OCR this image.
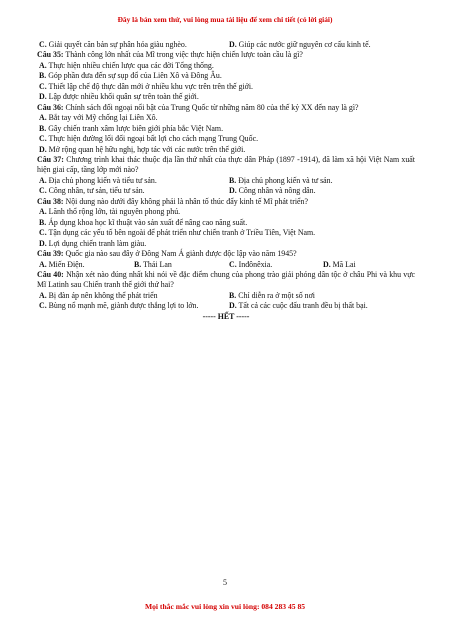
Đây là bản xem thử, vui lòng mua tài liệu để xem chi tiết (có lời giải)
C. Giải quyết căn bản sự phân hóa giàu nghèo.	D. Giúp các nước giữ nguyên cơ cấu kinh tế.
Câu 35: Thành công lớn nhất của Mĩ trong việc thực hiện chiến lược toàn cầu là gì?
A. Thực hiện nhiều chiến lược qua các đời Tổng thống.
B. Góp phần đưa đến sự sụp đổ của Liên Xô và Đông Âu.
C. Thiết lập chế độ thực dân mới ở nhiều khu vực trên trên thế giới.
D. Lập được nhiều khối quân sự trên toàn thế giới.
Câu 36: Chính sách đối ngoại nổi bật của Trung Quốc từ những năm 80 của thế kỷ XX đến nay là gì?
A. Bắt tay với Mỹ chống lại Liên Xô.
B. Gây chiến tranh xâm lược biên giới phía bắc Việt Nam.
C. Thực hiện đường lối đối ngoại bất lợi cho cách mạng Trung Quốc.
D. Mở rộng quan hệ hữu nghị, hợp tác với các nước trên thế giới.
Câu 37: Chương trình khai thác thuộc địa lần thứ nhất của thực dân Pháp (1897 -1914), đã làm xã hội Việt Nam xuất hiện giai cấp, tầng lớp mới nào?
A. Địa chủ phong kiến và tiểu tư sản.	B. Địa chủ phong kiến và tư sản.
C. Công nhân, tư sản, tiểu tư sản.	D. Công nhân và nông dân.
Câu 38: Nội dung nào dưới đây không phải là nhân tố thúc đẩy kinh tế Mĩ phát triển?
A. Lãnh thổ rộng lớn, tài nguyên phong phú.
B. Áp dụng khoa học kĩ thuật vào sản xuất để nâng cao năng suất.
C. Tận dụng các yếu tố bên ngoài để phát triển như chiến tranh ở Triều Tiên, Việt Nam.
D. Lợi dụng chiến tranh làm giàu.
Câu 39: Quốc gia nào sau đây ở Đông Nam Á giành được độc lập vào năm 1945?
A. Miến Điện.	B. Thái Lan	C. Inđônêxia.	D. Mã Lai
Câu 40: Nhận xét nào đúng nhất khi nói về đặc điểm chung của phong trào giải phóng dân tộc ở châu Phi và khu vực Mĩ Latinh sau Chiến tranh thế giới thứ hai?
A. Bị đàn áp nên không thể phát triển	B. Chỉ diễn ra ở một số nơi
C. Bùng nổ mạnh mẽ, giành được thắng lợi to lớn.	D. Tất cả các cuộc đấu tranh đều bị thất bại.
----- HẾT -----
5
Mọi thắc mắc vui lòng xin vui lòng: 084 283 45 85
